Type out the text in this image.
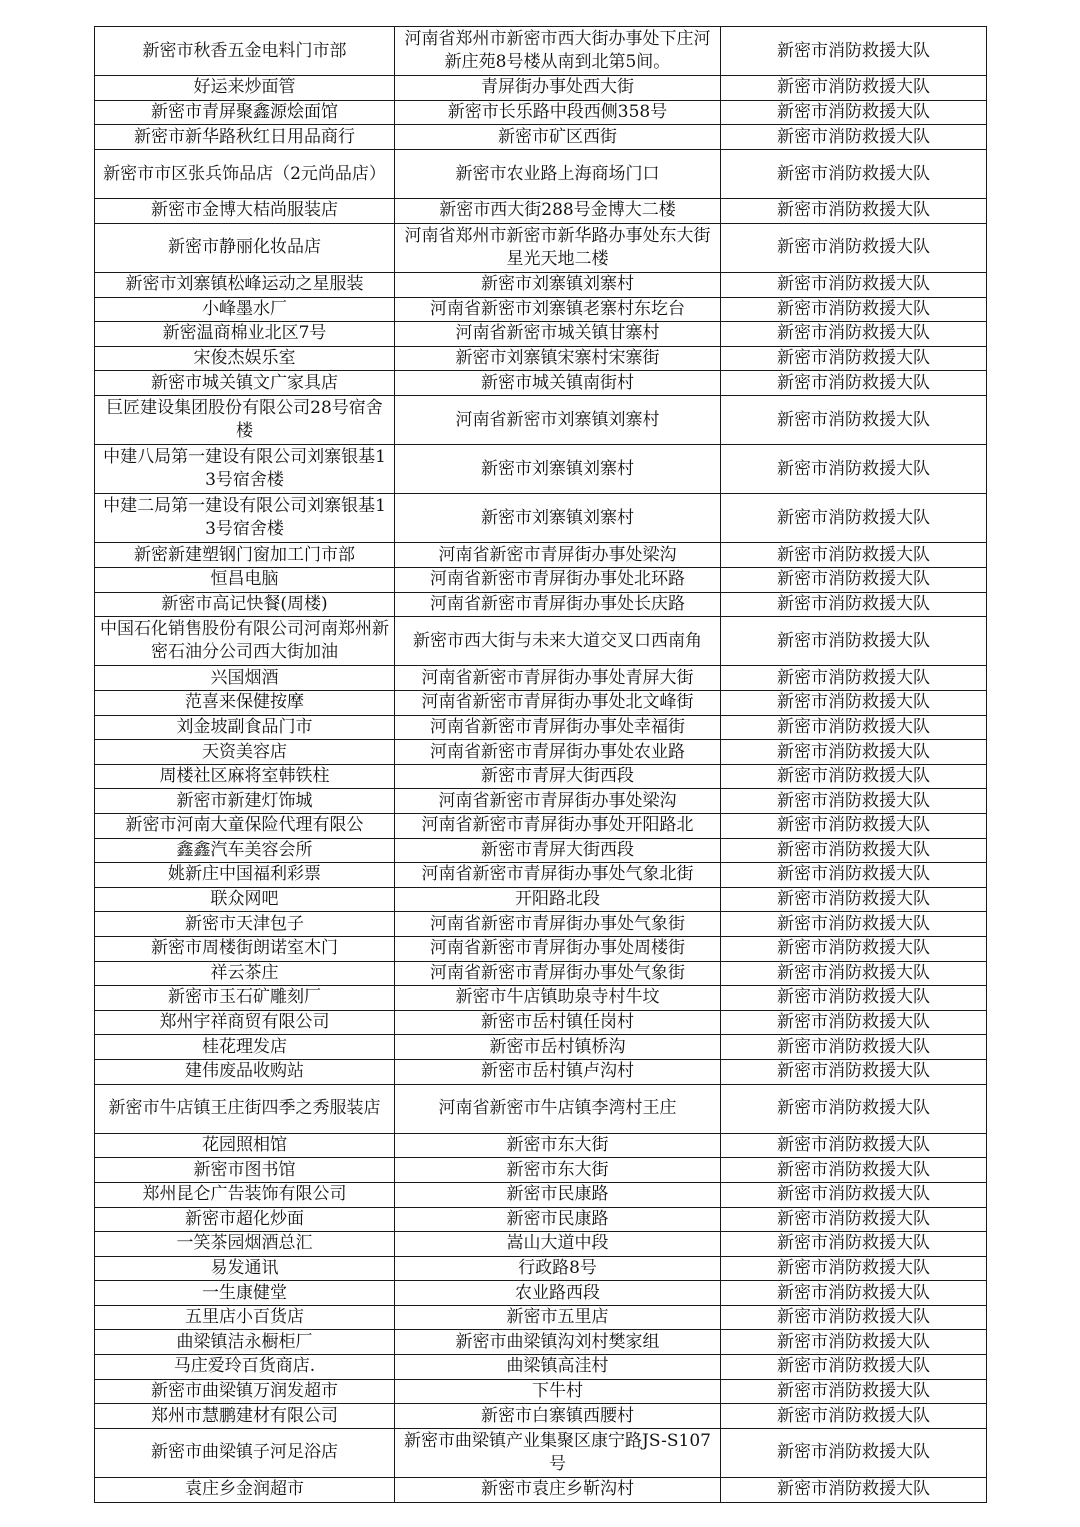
新密市秋香五金电料门市部	河南省郑州市新密市西大街办事处下庄河新庄苑8号楼从南到北第5间。	新密市消防救援大队
好运来炒面管	青屏街办事处西大街	新密市消防救援大队
新密市青屏聚鑫源烩面馆	新密市长乐路中段西侧358号	新密市消防救援大队
新密市新华路秋红日用品商行	新密市矿区西街	新密市消防救援大队
新密市市区张兵饰品店（2元尚品店）	新密市农业路上海商场门口	新密市消防救援大队
新密市金博大桔尚服装店	新密市西大街288号金博大二楼	新密市消防救援大队
新密市静丽化妆品店	河南省郑州市新密市新华路办事处东大街星光天地二楼	新密市消防救援大队
新密市刘寨镇松峰运动之星服装	新密市刘寨镇刘寨村	新密市消防救援大队
小峰墨水厂	河南省新密市刘寨镇老寨村东圪台	新密市消防救援大队
新密温商棉业北区7号	河南省新密市城关镇甘寨村	新密市消防救援大队
宋俊杰娱乐室	新密市刘寨镇宋寨村宋寨街	新密市消防救援大队
新密市城关镇文广家具店	新密市城关镇南街村	新密市消防救援大队
巨匠建设集团股份有限公司28号宿舍楼	河南省新密市刘寨镇刘寨村	新密市消防救援大队
中建八局第一建设有限公司刘寨银基13号宿舍楼	新密市刘寨镇刘寨村	新密市消防救援大队
中建二局第一建设有限公司刘寨银基13号宿舍楼	新密市刘寨镇刘寨村	新密市消防救援大队
新密新建塑钢门窗加工门市部	河南省新密市青屏街办事处梁沟	新密市消防救援大队
恒昌电脑	河南省新密市青屏街办事处北环路	新密市消防救援大队
新密市高记快餐(周楼)	河南省新密市青屏街办事处长庆路	新密市消防救援大队
中国石化销售股份有限公司河南郑州新密石油分公司西大街加油	新密市西大街与未来大道交叉口西南角	新密市消防救援大队
兴国烟酒	河南省新密市青屏街办事处青屏大街	新密市消防救援大队
范喜来保健按摩	河南省新密市青屏街办事处北文峰街	新密市消防救援大队
刘金坡副食品门市	河南省新密市青屏街办事处幸福街	新密市消防救援大队
天资美容店	河南省新密市青屏街办事处农业路	新密市消防救援大队
周楼社区麻将室韩铁柱	新密市青屏大街西段	新密市消防救援大队
新密市新建灯饰城	河南省新密市青屏街办事处梁沟	新密市消防救援大队
新密市河南大童保险代理有限公	河南省新密市青屏街办事处开阳路北	新密市消防救援大队
鑫鑫汽车美容会所	新密市青屏大街西段	新密市消防救援大队
姚新庄中国福利彩票	河南省新密市青屏街办事处气象北街	新密市消防救援大队
联众网吧	开阳路北段	新密市消防救援大队
新密市天津包子	河南省新密市青屏街办事处气象街	新密市消防救援大队
新密市周楼街朗诺室木门	河南省新密市青屏街办事处周楼街	新密市消防救援大队
祥云茶庄	河南省新密市青屏街办事处气象街	新密市消防救援大队
新密市玉石矿雕刻厂	新密市牛店镇助泉寺村牛坟	新密市消防救援大队
郑州宇祥商贸有限公司	新密市岳村镇任岗村	新密市消防救援大队
桂花理发店	新密市岳村镇桥沟	新密市消防救援大队
建伟废品收购站	新密市岳村镇卢沟村	新密市消防救援大队
新密市牛店镇王庄街四季之秀服装店	河南省新密市牛店镇李湾村王庄	新密市消防救援大队
花园照相馆	新密市东大街	新密市消防救援大队
新密市图书馆	新密市东大街	新密市消防救援大队
郑州昆仑广告装饰有限公司	新密市民康路	新密市消防救援大队
新密市超化炒面	新密市民康路	新密市消防救援大队
一笑茶园烟酒总汇	嵩山大道中段	新密市消防救援大队
易发通讯	行政路8号	新密市消防救援大队
一生康健堂	农业路西段	新密市消防救援大队
五里店小百货店	新密市五里店	新密市消防救援大队
曲梁镇洁永橱柜厂	新密市曲梁镇沟刘村樊家组	新密市消防救援大队
马庄爱玲百货商店.	曲梁镇高洼村	新密市消防救援大队
新密市曲梁镇万润发超市	下牛村	新密市消防救援大队
郑州市慧鹏建材有限公司	新密市白寨镇西腰村	新密市消防救援大队
新密市曲梁镇子河足浴店	新密市曲梁镇产业集聚区康宁路JS-S107号	新密市消防救援大队
袁庄乡金润超市	新密市袁庄乡靳沟村	新密市消防救援大队
